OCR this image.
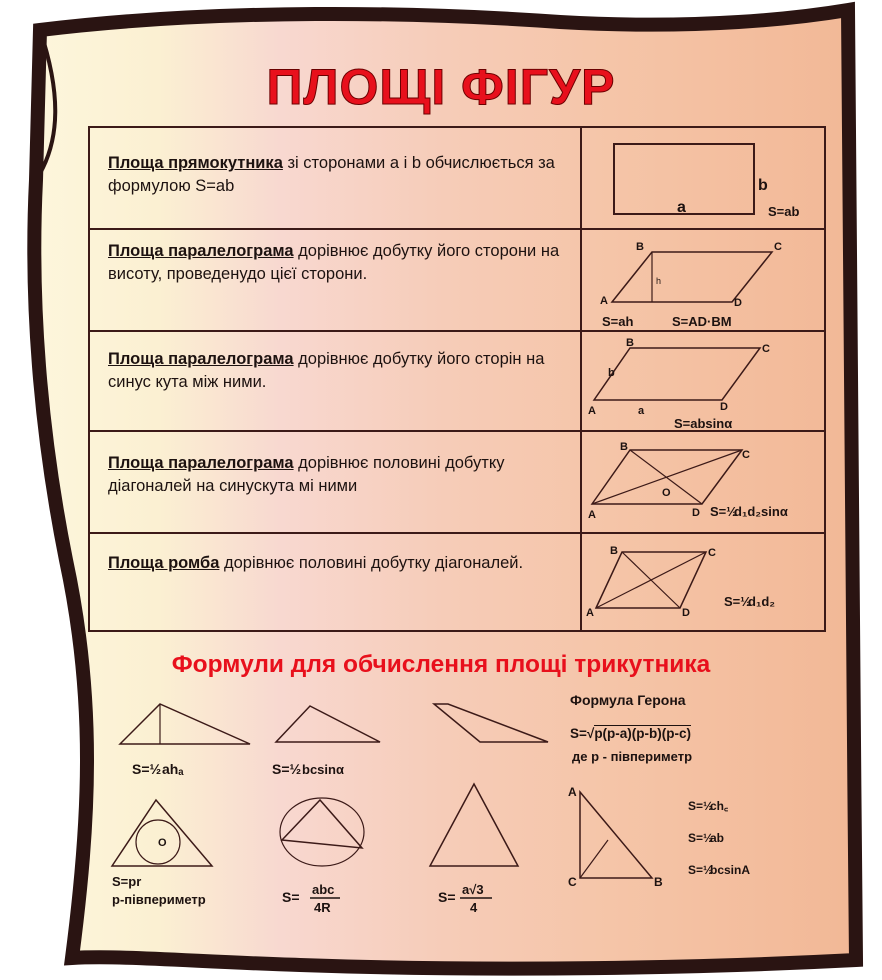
ПЛОЩІ ФІГУР
Площа прямокутника зі сторонами a і b обчислюється за формулою S=ab
a
b
S=ab
Площа паралелограма дорівнює добутку його сторони на висоту, проведенудо цієї сторони.
B	C
A	D
h
S=ah	S=AD·BM
Площа паралелограма дорівнює добутку його сторін на синус кута між ними.
B	C
A	D
b
a
S=absinα
Площа паралелограма дорівнює половині добутку діагоналей на синускута мі ними
B
C
A	D
O
S=½
d₁d₂sinα
Площа ромба дорівнює половині добутку діагоналей.
B	C
A	D
S=½
d₁d₂
Формули для обчислення площі трикутника
S=½ ahₐ	S=½ bcsinα
O
S=pr
p-півпериметр	S= abc
4R
S= a√3
4
Формула Герона
S=√p(p-a)(p-b)(p-c)
де p - півпериметр
A
C	B
S=½
ch꜀
S=½
ab
S=½
bcsinA
